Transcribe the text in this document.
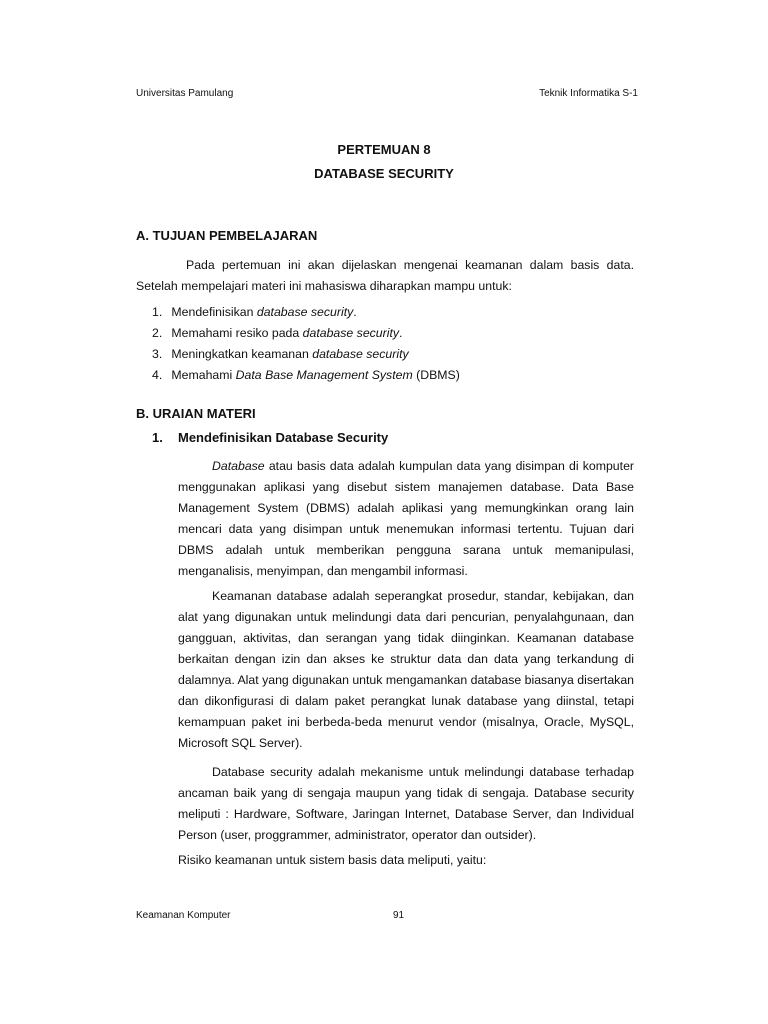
Universitas Pamulang	Teknik Informatika S-1
PERTEMUAN 8
DATABASE SECURITY
A. TUJUAN PEMBELAJARAN

Pada pertemuan ini akan dijelaskan mengenai keamanan dalam basis data. Setelah mempelajari materi ini mahasiswa diharapkan mampu untuk:

1. Mendefinisikan database security.
2. Memahami resiko pada database security.
3. Meningkatkan keamanan database security
4. Memahami Data Base Management System (DBMS)
B. URAIAN MATERI
1. Mendefinisikan Database Security

Database atau basis data adalah kumpulan data yang disimpan di komputer menggunakan aplikasi yang disebut sistem manajemen database. Data Base Management System (DBMS) adalah aplikasi yang memungkinkan orang lain mencari data yang disimpan untuk menemukan informasi tertentu. Tujuan dari DBMS adalah untuk memberikan pengguna sarana untuk memanipulasi, menganalisis, menyimpan, dan mengambil informasi.

Keamanan database adalah seperangkat prosedur, standar, kebijakan, dan alat yang digunakan untuk melindungi data dari pencurian, penyalahgunaan, dan gangguan, aktivitas, dan serangan yang tidak diinginkan. Keamanan database berkaitan dengan izin dan akses ke struktur data dan data yang terkandung di dalamnya. Alat yang digunakan untuk mengamankan database biasanya disertakan dan dikonfigurasi di dalam paket perangkat lunak database yang diinstal, tetapi kemampuan paket ini berbeda-beda menurut vendor (misalnya, Oracle, MySQL, Microsoft SQL Server).

Database security adalah mekanisme untuk melindungi database terhadap ancaman baik yang di sengaja maupun yang tidak di sengaja. Database security meliputi : Hardware, Software, Jaringan Internet, Database Server, dan Individual Person (user, proggrammer, administrator, operator dan outsider).

Risiko keamanan untuk sistem basis data meliputi, yaitu:

Keamanan Komputer	91
